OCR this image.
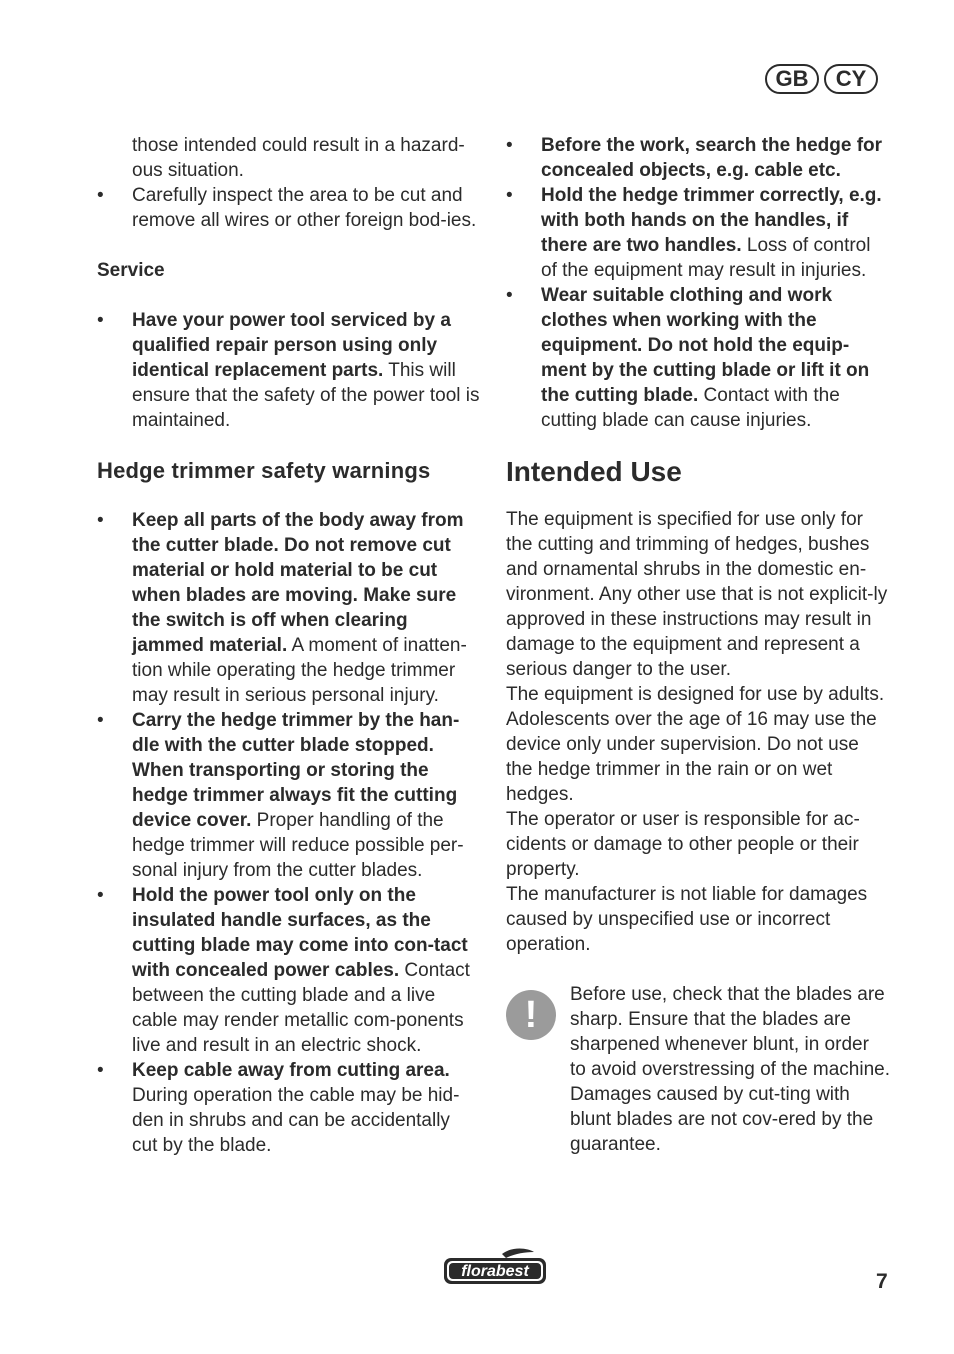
GB	CY

those intended could result in a hazard-ous situation.

• Carefully inspect the area to be cut and remove all wires or other foreign bod-ies.

Service

• Have your power tool serviced by a qualified repair person using only identical replacement parts. This will ensure that the safety of the power tool is maintained.

Hedge trimmer safety warnings

• Keep all parts of the body away from the cutter blade. Do not remove cut material or hold material to be cut when blades are moving. Make sure the switch is off when clearing jammed material. A moment of inatten-tion while operating the hedge trimmer may result in serious personal injury.
• Carry the hedge trimmer by the han-dle with the cutter blade stopped. When transporting or storing the hedge trimmer always fit the cutting device cover. Proper handling of the hedge trimmer will reduce possible per-sonal injury from the cutter blades.
• Hold the power tool only on the insulated handle surfaces, as the cutting blade may come into con-tact with concealed power cables. Contact between the cutting blade and a live cable may render metallic com-ponents live and result in an electric shock.
• Keep cable away from cutting area. During operation the cable may be hid-den in shrubs and can be accidentally cut by the blade.
• Before the work, search the hedge for concealed objects, e.g. cable etc.
• Hold the hedge trimmer correctly, e.g. with both hands on the handles, if there are two handles. Loss of control of the equipment may result in injuries.
• Wear suitable clothing and work clothes when working with the equipment. Do not hold the equip-ment by the cutting blade or lift it on the cutting blade. Contact with the cutting blade can cause injuries.

Intended Use

The equipment is specified for use only for the cutting and trimming of hedges, bushes and ornamental shrubs in the domestic en-vironment. Any other use that is not explicit-ly approved in these instructions may result in damage to the equipment and represent a serious danger to the user.

The equipment is designed for use by adults. Adolescents over the age of 16 may use the device only under supervision. Do not use the hedge trimmer in the rain or on wet hedges.

The operator or user is responsible for ac-cidents or damage to other people or their property.

The manufacturer is not liable for damages caused by unspecified use or incorrect operation.

!	Before use, check that the blades are sharp. Ensure that the blades are sharpened whenever blunt, in order to avoid overstressing of the machine. Damages caused by cut-ting with blunt blades are not cov-ered by the guarantee.

florabest	7
